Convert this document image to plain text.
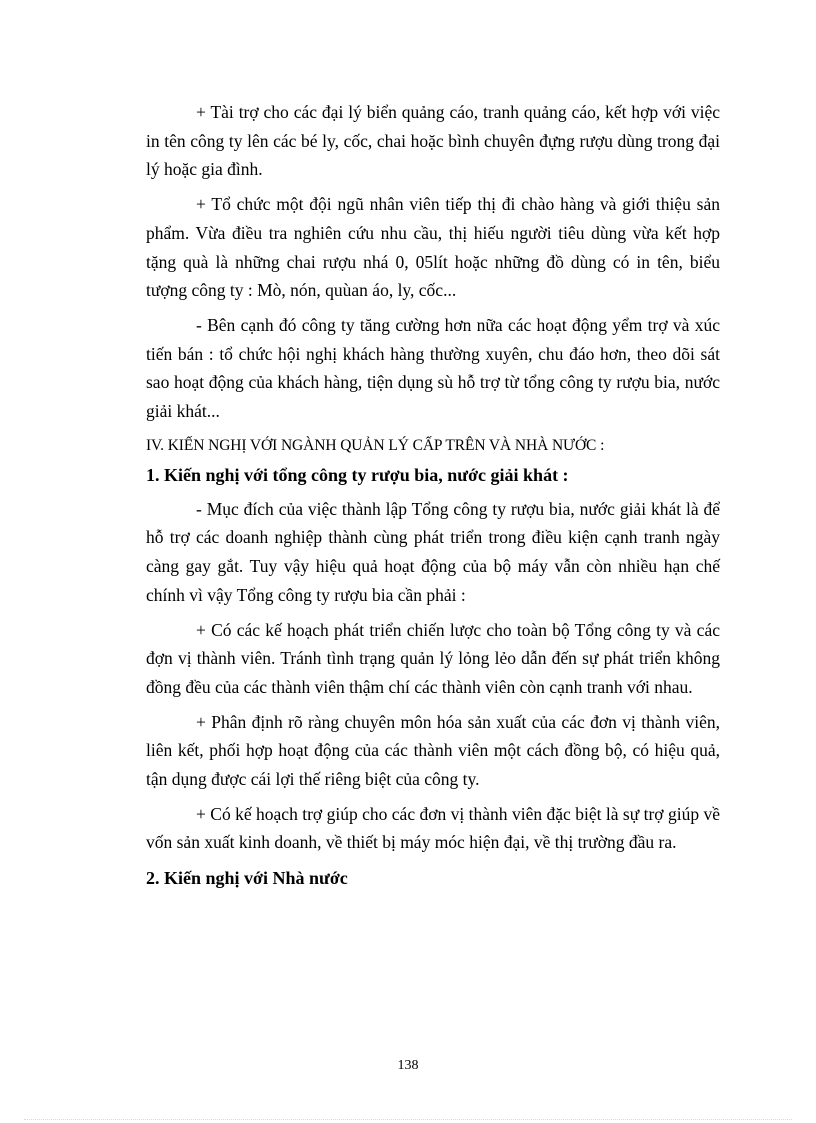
+ Tài trợ cho các đại lý biển quảng cáo, tranh quảng cáo, kết hợp với việc in tên công ty lên các bé ly, cốc, chai hoặc bình chuyên đựng rượu dùng trong đại lý hoặc gia đình.

+ Tổ chức một đội ngũ nhân viên tiếp thị đi chào hàng và giới thiệu sản phẩm. Vừa điều tra nghiên cứu nhu cầu, thị hiếu người tiêu dùng vừa kết hợp tặng quà là những chai rượu nhá 0, 05lít hoặc những đồ dùng có in tên, biểu tượng công ty : Mò, nón, quùan áo, ly, cốc...

- Bên cạnh đó công ty tăng cường hơn nữa các hoạt động yểm trợ và xúc tiến bán : tổ chức hội nghị khách hàng thường xuyên, chu đáo hơn, theo dõi sát sao hoạt động của khách hàng, tiện dụng sù hỗ trợ từ tổng công ty rượu bia, nước giải khát...

IV. KIẾN NGHỊ VỚI NGÀNH QUẢN LÝ CẤP TRÊN VÀ NHÀ NƯỚC :
1. Kiến nghị với tổng công ty rượu bia, nước giải khát :

- Mục đích của việc thành lập Tổng công ty rượu bia, nước giải khát là để hỗ trợ các doanh nghiệp thành cùng phát triển trong điều kiện cạnh tranh ngày càng gay gắt. Tuy vậy hiệu quả hoạt động của bộ máy vẫn còn nhiều hạn chế chính vì vậy Tổng công ty rượu bia cần phải :

+ Có các kế hoạch phát triển chiến lược cho toàn bộ Tổng công ty và các đợn vị thành viên. Tránh tình trạng quản lý lỏng lẻo dẫn đến sự phát triển không đồng đều của các thành viên thậm chí các thành viên còn cạnh tranh với nhau.

+ Phân định rõ ràng chuyên môn hóa sản xuất của các đơn vị thành viên, liên kết, phối hợp hoạt động của các thành viên một cách đồng bộ, có hiệu quả, tận dụng được cái lợi thế riêng biệt của công ty.

+ Có kế hoạch trợ giúp cho các đơn vị thành viên đặc biệt là sự trợ giúp về vốn sản xuất kinh doanh, về thiết bị máy móc hiện đại, về thị trường đầu ra.

2. Kiến nghị với Nhà nước
138
